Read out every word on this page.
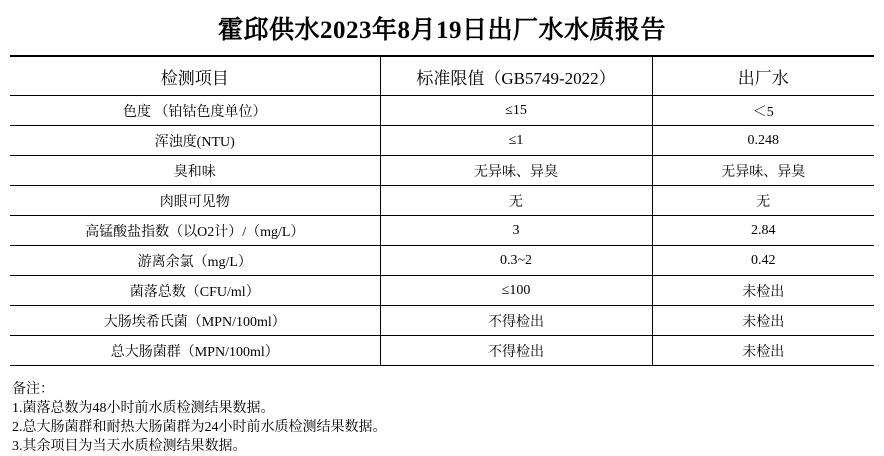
霍邱供水2023年8月19日出厂水水质报告
检测项目	标准限值（GB5749-2022）	出厂水
色度 （铂钴色度单位）	≤15	＜5
浑浊度(NTU)	≤1	0.248
臭和味	无异味、异臭	无异味、异臭
肉眼可见物	无	无
高锰酸盐指数（以O2计）/（mg/L）	3	2.84
游离余氯（mg/L）	0.3~2	0.42
菌落总数（CFU/ml）	≤100	未检出
大肠埃希氏菌（MPN/100ml）	不得检出	未检出
总大肠菌群（MPN/100ml）	不得检出	未检出
备注：
1.菌落总数为48小时前水质检测结果数据。
2.总大肠菌群和耐热大肠菌群为24小时前水质检测结果数据。
3.其余项目为当天水质检测结果数据。
